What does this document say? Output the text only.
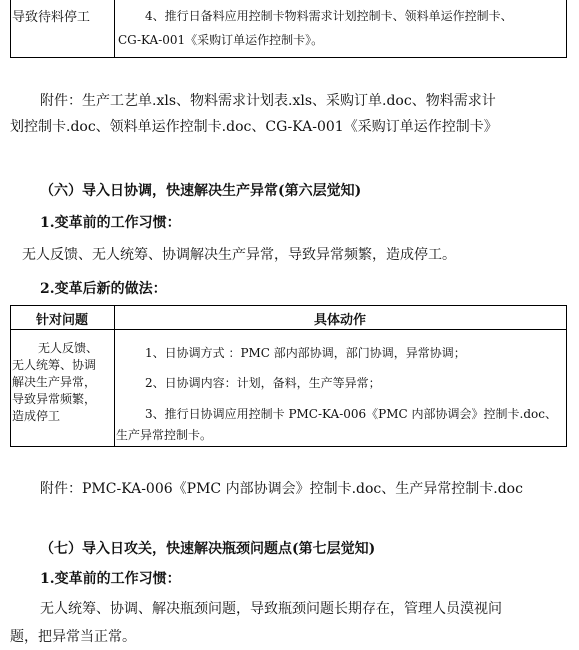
导致待料停工	4、推行日备料应用控制卡物料需求计划控制卡、领料单运作控制卡、
CG-KA-001《采购订单运作控制卡》。
附件：生产工艺单.xls、物料需求计划表.xls、采购订单.doc、物料需求计
划控制卡.doc、领料单运作控制卡.doc、CG-KA-001《采购订单运作控制卡》
（六）导入日协调，快速解决生产异常(第六层觉知)
1.变革前的工作习惯：
无人反馈、无人统筹、协调解决生产异常，导致异常频繁，造成停工。
2.变革后新的做法：
针对问题	具体动作
无人反馈、
无人统筹、协调
解决生产异常，
导致异常频繁，
造成停工
1、日协调方式 ：PMC 部内部协调，部门协调，异常协调；
2、日协调内容：计划，备料，生产等异常；
3、推行日协调应用控制卡 PMC-KA-006《PMC 内部协调会》控制卡.doc、
生产异常控制卡。
附件：PMC-KA-006《PMC 内部协调会》控制卡.doc、生产异常控制卡.doc
（七）导入日攻关，快速解决瓶颈问题点(第七层觉知)
1.变革前的工作习惯：
无人统筹、协调、解决瓶颈问题，导致瓶颈问题长期存在，管理人员漠视问
题，把异常当正常。
